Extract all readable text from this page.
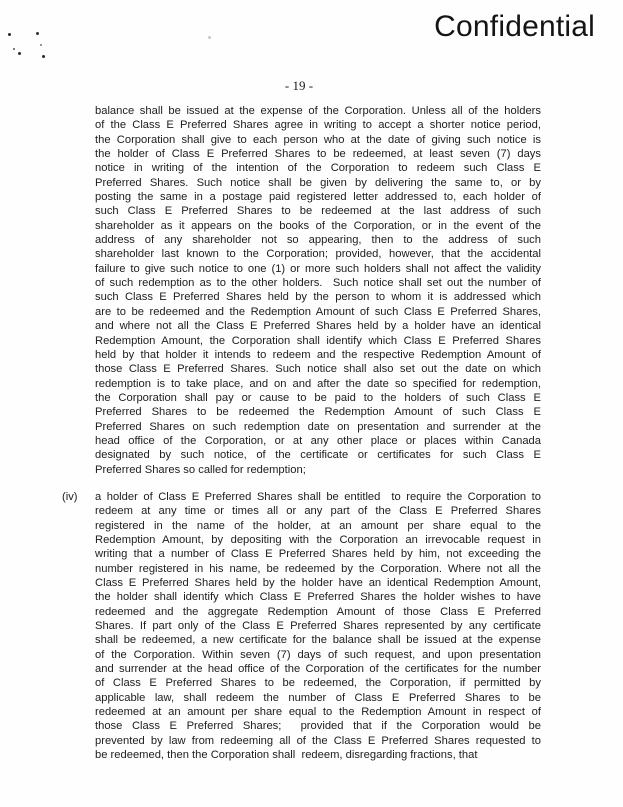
Confidential
- 19 -
balance shall be issued at the expense of the Corporation. Unless all of the holders
of the Class E Preferred Shares agree in writing to accept a shorter notice period,
the Corporation shall give to each person who at the date of giving such notice is
the holder of Class E Preferred Shares to be redeemed, at least seven (7) days
notice in writing of the intention of the Corporation to redeem such Class E
Preferred Shares. Such notice shall be given by delivering the same to, or by
posting the same in a postage paid registered letter addressed to, each holder of
such Class E Preferred Shares to be redeemed at the last address of such
shareholder as it appears on the books of the Corporation, or in the event of the
address of any shareholder not so appearing, then to the address of such
shareholder last known to the Corporation; provided, however, that the accidental
failure to give such notice to one (1) or more such holders shall not affect the validity
of such redemption as to the other holders.  Such notice shall set out the number of
such Class E Preferred Shares held by the person to whom it is addressed which
are to be redeemed and the Redemption Amount of such Class E Preferred Shares,
and where not all the Class E Preferred Shares held by a holder have an identical
Redemption Amount, the Corporation shall identify which Class E Preferred Shares
held by that holder it intends to redeem and the respective Redemption Amount of
those Class E Preferred Shares. Such notice shall also set out the date on which
redemption is to take place, and on and after the date so specified for redemption,
the Corporation shall pay or cause to be paid to the holders of such Class E
Preferred Shares to be redeemed the Redemption Amount of such Class E
Preferred Shares on such redemption date on presentation and surrender at the
head office of the Corporation, or at any other place or places within Canada
designated by such notice, of the certificate or certificates for such Class E
Preferred Shares so called for redemption;
(iv) a holder of Class E Preferred Shares shall be entitled  to require the Corporation to
redeem at any time or times all or any part of the Class E Preferred Shares
registered in the name of the holder, at an amount per share equal to the
Redemption Amount, by depositing with the Corporation an irrevocable request in
writing that a number of Class E Preferred Shares held by him, not exceeding the
number registered in his name, be redeemed by the Corporation. Where not all the
Class E Preferred Shares held by the holder have an identical Redemption Amount,
the holder shall identify which Class E Preferred Shares the holder wishes to have
redeemed and the aggregate Redemption Amount of those Class E Preferred
Shares. If part only of the Class E Preferred Shares represented by any certificate
shall be redeemed, a new certificate for the balance shall be issued at the expense
of the Corporation. Within seven (7) days of such request, and upon presentation
and surrender at the head office of the Corporation of the certificates for the number
of Class E Preferred Shares to be redeemed, the Corporation, if permitted by
applicable law, shall redeem the number of Class E Preferred Shares to be
redeemed at an amount per share equal to the Redemption Amount in respect of
those Class E Preferred Shares;  provided that if the Corporation would be
prevented by law from redeeming all of the Class E Preferred Shares requested to
be redeemed, then the Corporation shall  redeem, disregarding fractions, that
